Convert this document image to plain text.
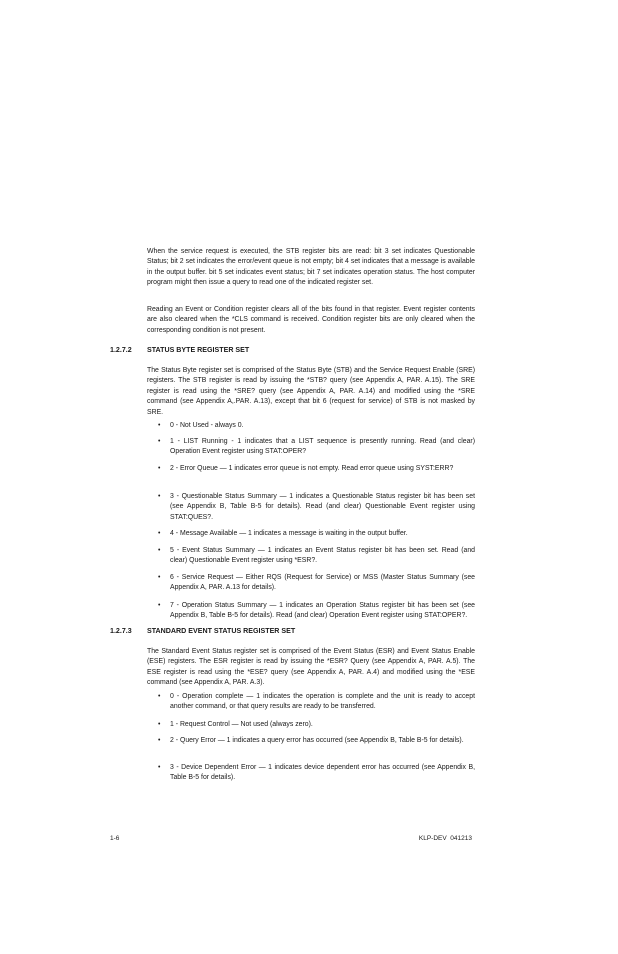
When the service request is executed, the STB register bits are read: bit 3 set indicates Questionable Status; bit 2 set indicates the error/event queue is not empty; bit 4 set indicates that a message is available in the output buffer. bit 5 set indicates event status; bit 7 set indicates operation status. The host computer program might then issue a query to read one of the indicated register set.

Reading an Event or Condition register clears all of the bits found in that register. Event register contents are also cleared when the *CLS command is received. Condition register bits are only cleared when the corresponding condition is not present.

1.2.7.2 STATUS BYTE REGISTER SET

The Status Byte register set is comprised of the Status Byte (STB) and the Service Request Enable (SRE) registers. The STB register is read by issuing the *STB? query (see Appendix A, PAR. A.15). The SRE register is read using the *SRE? query (see Appendix A, PAR. A.14) and modified using the *SRE command (see Appendix A,.PAR. A.13), except that bit 6 (request for service) of STB is not masked by SRE.

• 0 - Not Used - always 0.
• 1 - LIST Running - 1 indicates that a LIST sequence is presently running. Read (and clear) Operation Event register using STAT:OPER?
• 2 - Error Queue — 1 indicates error queue is not empty. Read error queue using SYST:ERR?
• 3 - Questionable Status Summary — 1 indicates a Questionable Status register bit has been set (see Appendix B, Table B-5 for details). Read (and clear) Questionable Event register using STAT:QUES?.
• 4 - Message Available — 1 indicates a message is waiting in the output buffer.
• 5 - Event Status Summary — 1 indicates an Event Status register bit has been set. Read (and clear) Questionable Event register using *ESR?.
• 6 - Service Request — Either RQS (Request for Service) or MSS (Master Status Summary (see Appendix A, PAR. A.13 for details).
• 7 - Operation Status Summary — 1 indicates an Operation Status register bit has been set (see Appendix B, Table B-5 for details). Read (and clear) Operation Event register using STAT:OPER?.
1.2.7.3 STANDARD EVENT STATUS REGISTER SET

The Standard Event Status register set is comprised of the Event Status (ESR) and Event Status Enable (ESE) registers. The ESR register is read by issuing the *ESR? Query (see Appendix A, PAR. A.5). The ESE register is read using the *ESE? query (see Appendix A, PAR. A.4) and modified using the *ESE command (see Appendix A, PAR. A.3).

• 0 - Operation complete — 1 indicates the operation is complete and the unit is ready to accept another command, or that query results are ready to be transferred.
• 1 - Request Control — Not used (always zero).
• 2 - Query Error — 1 indicates a query error has occurred (see Appendix B, Table B-5 for details).
• 3 - Device Dependent Error — 1 indicates device dependent error has occurred (see Appendix B, Table B-5 for details).
1-6	KLP-DEV  041213
